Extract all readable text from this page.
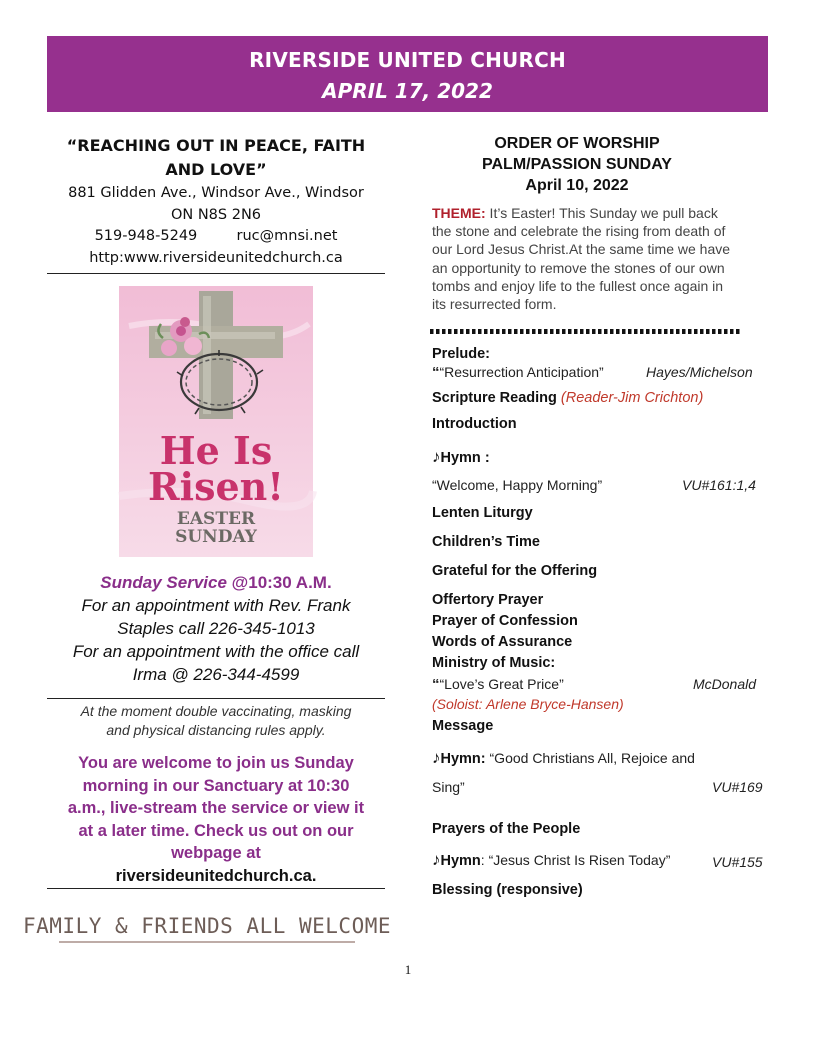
RIVERSIDE UNITED CHURCH
APRIL 17, 2022
“REACHING OUT IN PEACE, FAITH
AND LOVE”
881 Glidden Ave., Windsor Ave., Windsor
ON N8S 2N6
519-948-5249	ruc@mnsi.net
http:www.riversideunitedchurch.ca
He Is
Risen!
EASTER
SUNDAY
Sunday Service @10:30 A.M.
For an appointment with Rev. Frank
Staples call 226-345-1013
For an appointment with the office call
Irma @ 226-344-4599
At the moment double vaccinating, masking
and physical distancing rules apply.
You are welcome to join us Sunday
morning in our Sanctuary at 10:30
a.m., live-stream the service or view it
at a later time. Check us out on our
webpage at
riversideunitedchurch.ca.
FAMILY & FRIENDS ALL WELCOME
ORDER OF WORSHIP
PALM/PASSION SUNDAY
April 10, 2022
THEME: It’s Easter! This Sunday we pull back
the stone and celebrate the rising from death of
our Lord Jesus Christ.At the same time we have
an opportunity to remove the stones of our own
tombs and enjoy life to the fullest once again in
its resurrected form.
Prelude:
““Resurrection Anticipation”	Hayes/Michelson
Scripture Reading (Reader-Jim Crichton)
Introduction
♪Hymn :
“Welcome, Happy Morning”	VU#161:1,4
Lenten Liturgy
Children’s Time
Grateful for the Offering
Offertory Prayer
Prayer of Confession
Words of Assurance
Ministry of Music:
““Love’s Great Price”	McDonald
(Soloist: Arlene Bryce-Hansen)
Message
♪Hymn: “Good Christians All, Rejoice and
Sing”	VU#169
Prayers of the People
♪Hymn: “Jesus Christ Is Risen Today”	VU#155
Blessing (responsive)
1
